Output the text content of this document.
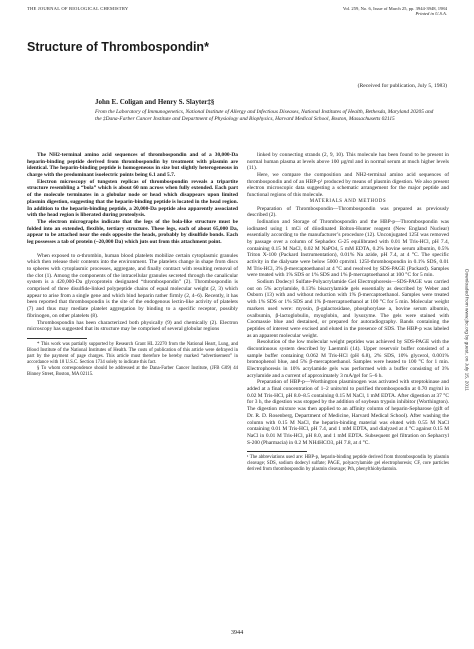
THE JOURNAL OF BIOLOGICAL CHEMISTRY	Vol. 259, No. 6, Issue of March 25, pp. 3944-3948, 1984
Printed in U.S.A.
Structure of Thrombospondin*
(Received for publication, July 5, 1983)
John E. Coligan and Henry S. Slayter‡§
From the Laboratory of Immunogenetics, National Institute of Allergy and Infectious Diseases, National Institutes of Health, Bethesda, Maryland 20205 and the ‡Dana-Farber Cancer Institute and Department of Physiology and Biophysics, Harvard Medical School, Boston, Massachusetts 02115

The NH2-terminal amino acid sequences of thrombospondin and of a 30,000-Da heparin-binding peptide derived from thrombospondin by treatment with plasmin are identical. The heparin-binding peptide is homogeneous in size but slightly heterogeneous in charge with the predominant isoelectric points being 6.1 and 5.7.

Electron microscopy of tungsten replicas of thrombospondin reveals a tripartite structure resembling a “bola” which is about 60 nm across when fully extended. Each part of the molecule terminates in a globular node or head which disappears upon limited plasmin digestion, suggesting that the heparin-binding peptide is located in the head region. In addition to the heparin-binding peptide, a 20,000-Da peptide also apparently associated with the head region is liberated during proteolysis.

The electron micrographs indicate that the legs of the bola-like structure must be folded into an extended, flexible, tertiary structure. These legs, each of about 65,000 Da, appear to be attached near the ends opposite the heads, probably by disulfide bonds. Each leg possesses a tab of protein (~20,000 Da) which juts out from this attachment point.

When exposed to α-thrombin, human blood platelets mobilize certain cytoplasmic granules which then release their contents into the environment. The platelets change in shape from discs to spheres with cytoplasmic processes, aggregate, and finally contract with resulting removal of the clot (1). Among the components of the intracellular granules secreted through the canalicular system is a 420,000-Da glycoprotein designated “thrombospondin” (2). Thrombospondin is comprised of three disulfide-linked polypeptide chains of equal molecular weight (2, 3) which appear to arise from a single gene and which bind heparin rather firmly (2, 4–6). Recently, it has been reported that thrombospondin is the site of the endogenous lectin-like activity of platelets (7) and thus may mediate platelet aggregation by binding to a specific receptor, possibly fibrinogen, on other platelets (8).

Thrombospondin has been characterized both physically (9) and chemically (2). Electron microscopy has suggested that its structure may be comprised of several globular regions

* This work was partially supported by Research Grant HL 22270 from the National Heart, Lung, and Blood Institute of the National Institutes of Health. The costs of publication of this article were defrayed in part by the payment of page charges. This article must therefore be hereby marked “advertisement” in accordance with 18 U.S.C. Section 1734 solely to indicate this fact.

§ To whom correspondence should be addressed at the Dana-Farber Cancer Institute, (JFB G09) 44 Binney Street, Boston, MA 02115.

linked by connecting strands (2, 9, 10). This molecule has been found to be present in normal human plasma at levels above 100 µg/ml and in normal serum at much higher levels (11).

Here, we compare the composition and NH2-terminal amino acid sequences of thrombospondin and of an HBP-p¹ produced by means of plasmin digestion. We also present electron microscopic data suggesting a schematic arrangement for the major peptide and functional regions of this molecule.

MATERIALS AND METHODS

Preparation of Thrombospondin—Thrombospondin was prepared as previously described (2).

Iodination and Storage of Thrombospondin and the HBP-p—Thrombospondin was iodinated using 1 mCi of diiodinated Bolton-Hunter reagent (New England Nuclear) essentially according to the manufacturer’s procedure (12). Unconjugated 125I was removed by passage over a column of Sephadex G-25 equilibrated with 0.01 M Tris-HCl, pH 7.4, containing 0.15 M NaCl, 0.02 M NaPO4, 5 mM EDTA, 0.2% bovine serum albumin, 0.5% Triton X-100 (Packard Instrumentation), 0.01% Na azide, pH 7.4, at 4 °C. The specific activity in the dialysate were below 5000 cpm/ml. 125I-thrombospondin in 0.1% SDS, 0.01 M Tris-HCl, 3% β-mercaptoethanol at 4 °C and resolved by SDS-PAGE (Packard). Samples were treated with 1% SDS or 1% SDS and 1% β-mercaptoethanol at 100 °C for 5 min.

Sodium Dodecyl Sulfate-Polyacrylamide Gel Electrophoresis—SDS-PAGE was carried out on 5% acrylamide, 0.13% bisacrylamide gels essentially as described by Weber and Osborn (13) with and without reduction with 1% β-mercaptoethanol. Samples were treated with 1% SDS or 1% SDS and 1% β-mercaptoethanol at 100 °C for 5 min. Molecular weight markers used were: myosin, β-galactosidase, phosphorylase a, bovine serum albumin, ovalbumin, β-lactoglobulin, myoglobin, and lysozyme. The gels were stained with Coomassie blue and destained, or prepared for autoradiography. Bands containing the peptides of interest were excised and eluted in the presence of SDS. The HBP-p was labeled as an apparent molecular weight.

Resolution of the low molecular weight peptides was achieved by SDS-PAGE with the discontinuous system described by Laemmli (14). Upper reservoir buffer consisted of a sample buffer containing 0.062 M Tris-HCl (pH 6.8), 2% SDS, 10% glycerol, 0.001% bromophenol blue, and 5% β-mercaptoethanol. Samples were heated to 100 °C for 1 min. Electrophoresis in 10% acrylamide gels was performed with a buffer consisting of 3% acrylamide and a current of approximately 3 mA/gel for 5–6 h.

Preparation of HBP-p—Worthington plasminogen was activated with streptokinase and added at a final concentration of 1–2 units/ml to purified thrombospondin at 0.70 mg/ml in 0.02 M Tris-HCl, pH 8.0–8.5 containing 0.15 M NaCl, 1 mM EDTA. After digestion at 37 °C for 3 h, the digestion was stopped by the addition of soybean trypsin inhibitor (Worthington). The digestion mixture was then applied to an affinity column of heparin-Sepharose (gift of Dr. R. D. Rosenberg, Department of Medicine, Harvard Medical School). After washing the column with 0.15 M NaCl, the heparin-binding material was eluted with 0.55 M NaCl containing 0.01 M Tris-HCl, pH 7.4, and 1 mM EDTA, and dialyzed at 4 °C against 0.15 M NaCl in 0.01 M Tris-HCl, pH 8.0, and 1 mM EDTA. Subsequent gel filtration on Sephacryl S-200 (Pharmacia) in 0.2 M NH4HCO3, pH 7.8, at 4 °C.

¹ The abbreviations used are: HBP-p, heparin-binding peptide derived from thrombospondin by plasmin cleavage; SDS, sodium dodecyl sulfate; PAGE, polyacrylamide gel electrophoresis; CF, core particles derived from thrombospondin by plasmin cleavage; Pth, phenylthiohydantoin.
3944
Downloaded from www.jbc.org by guest, on July 15, 2011
